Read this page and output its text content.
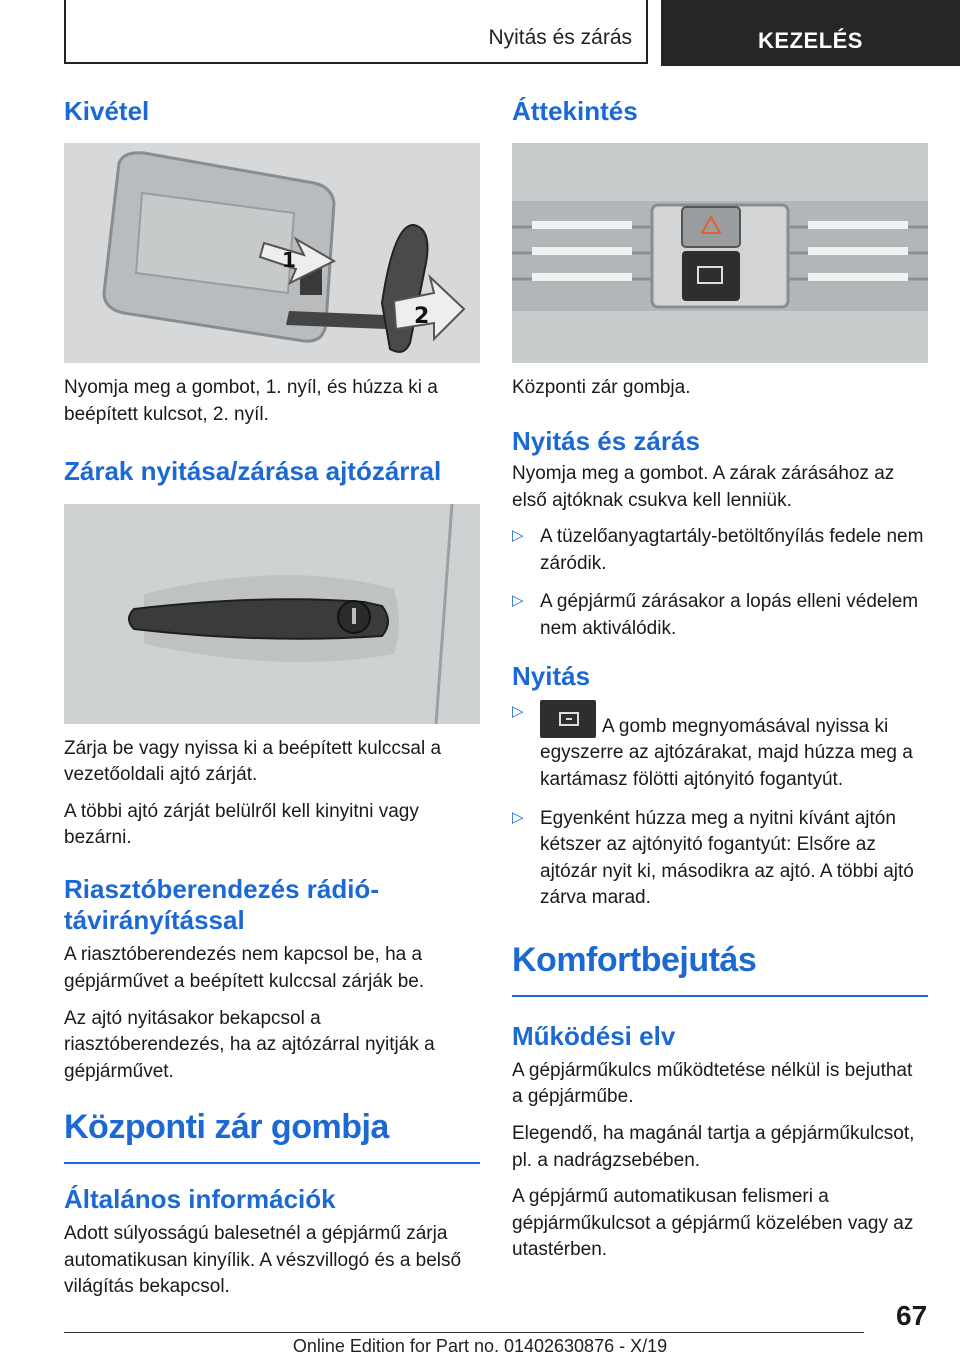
Nyitás és zárás	KEZELÉS
Kivétel
1
2

Nyomja meg a gombot, 1. nyíl, és húzza ki a beépített kulcsot, 2. nyíl.

Zárak nyitása/zárása ajtózárral

Zárja be vagy nyissa ki a beépített kulccsal a vezetőoldali ajtó zárját.

A többi ajtó zárját belülről kell kinyitni vagy bezárni.

Riasztóberendezés rádió-távirányítással

A riasztóberendezés nem kapcsol be, ha a gépjárművet a beépített kulccsal zárják be.

Az ajtó nyitásakor bekapcsol a riasztóberendezés, ha az ajtózárral nyitják a gépjárművet.

Központi zár gombja
Általános információk

Adott súlyosságú balesetnél a gépjármű zárja automatikusan kinyílik. A vészvillogó és a belső világítás bekapcsol.

Áttekintés

Központi zár gombja.

Nyitás és zárás

Nyomja meg a gombot. A zárak zárásához az első ajtóknak csukva kell lenniük.

▷ A tüzelőanyagtartály-betöltőnyílás fedele nem záródik.
▷ A gépjármű zárásakor a lopás elleni védelem nem aktiválódik.
Nyitás
▷
A gomb megnyomásával nyissa ki egyszerre az ajtózárakat, majd húzza meg a kartámasz fölötti ajtónyitó fogantyút.
▷ Egyenként húzza meg a nyitni kívánt ajtón kétszer az ajtónyitó fogantyút: Elsőre az ajtózár nyit ki, másodikra az ajtó. A többi ajtó zárva marad.
Komfortbejutás
Működési elv

A gépjárműkulcs működtetése nélkül is bejuthat a gépjárműbe.

Elegendő, ha magánál tartja a gépjárműkulcsot, pl. a nadrágzsebében.

A gépjármű automatikusan felismeri a gépjárműkulcsot a gépjármű közelében vagy az utastérben.

67
Online Edition for Part no. 01402630876 - X/19
